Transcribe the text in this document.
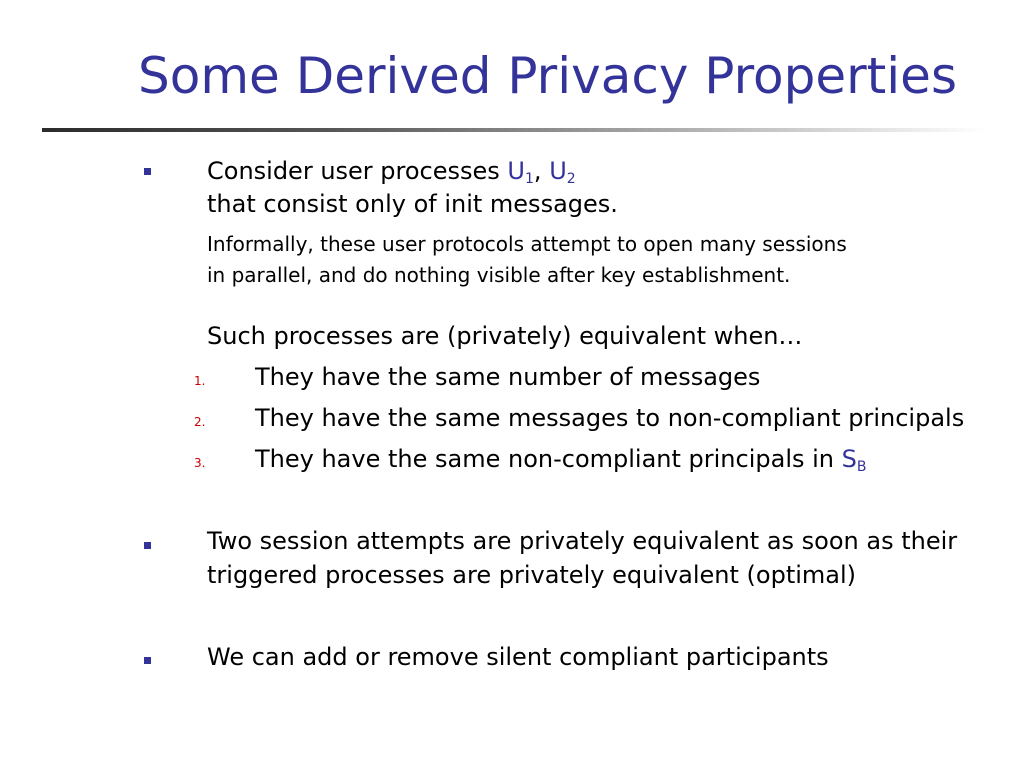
Some Derived Privacy Properties
Consider user processes $U_1$, $U_2$
that consist only of init messages.
Informally, these user protocols attempt to open many sessions
in parallel, and do nothing visible after key establishment.
Such processes are (privately) equivalent when…
1. They have the same number of messages
2. They have the same messages to non-compliant principals
3. They have the same non-compliant principals in $S_B$
Two session attempts are privately equivalent as soon as their
triggered processes are privately equivalent (optimal)
We can add or remove silent compliant participants
